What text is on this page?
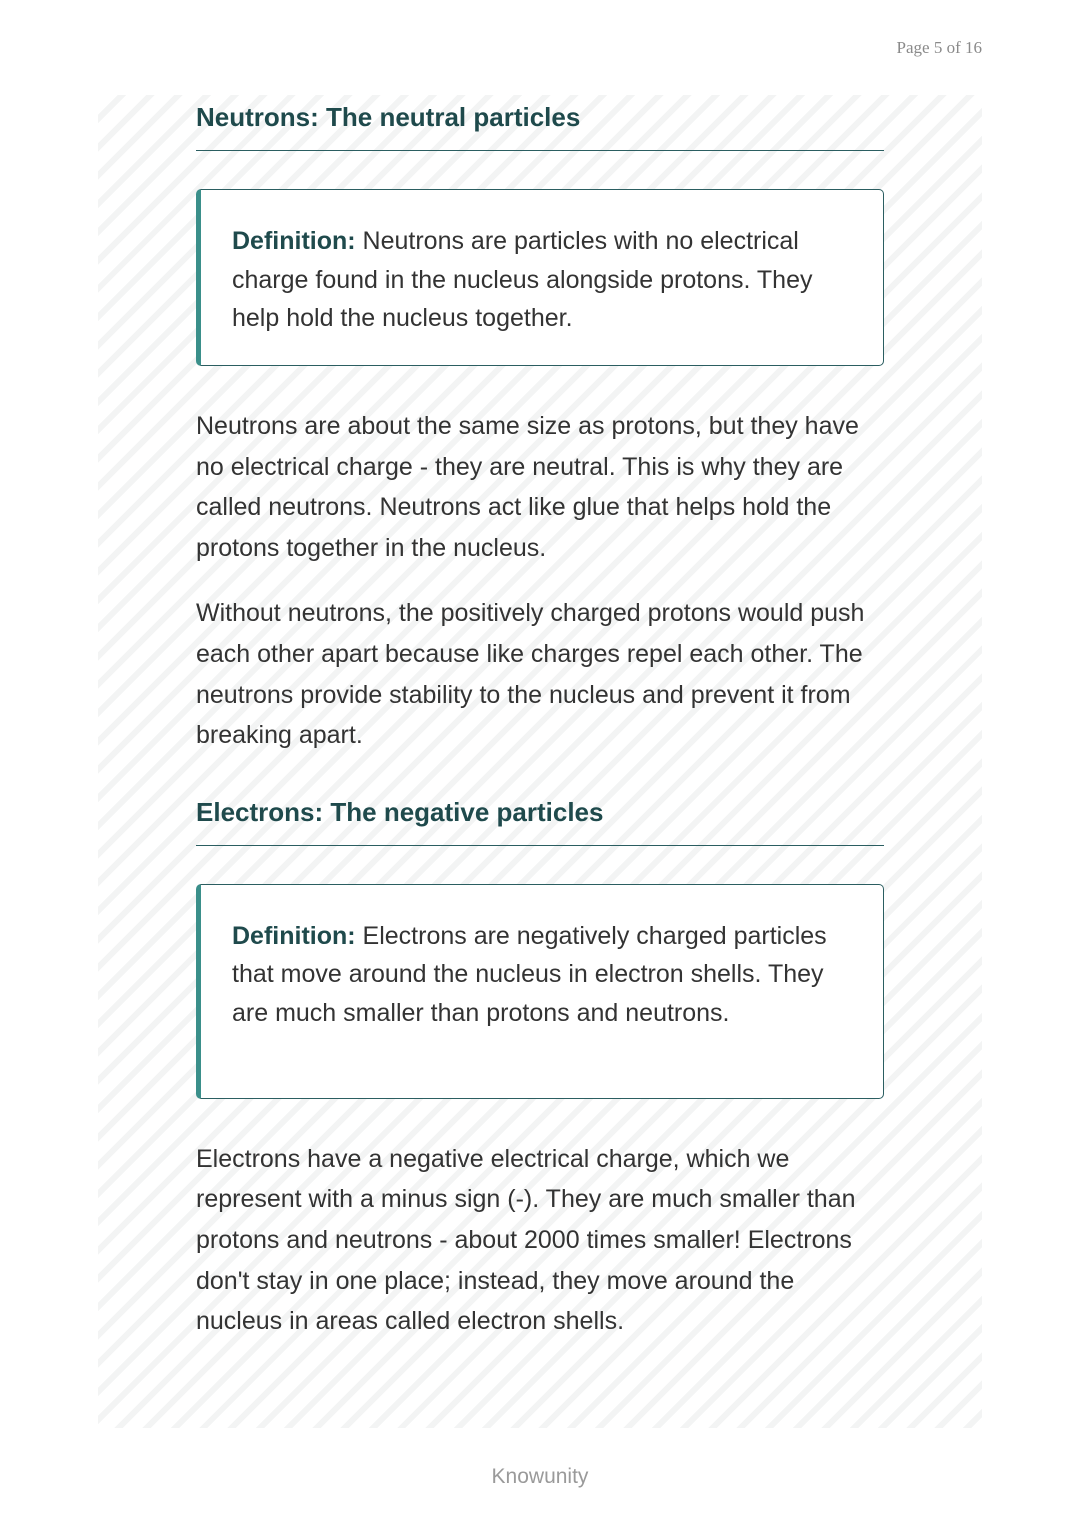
Page 5 of 16
Neutrons: The neutral particles
Definition: Neutrons are particles with no electrical charge found in the nucleus alongside protons. They help hold the nucleus together.

Neutrons are about the same size as protons, but they have no electrical charge - they are neutral. This is why they are called neutrons. Neutrons act like glue that helps hold the protons together in the nucleus.

Without neutrons, the positively charged protons would push each other apart because like charges repel each other. The neutrons provide stability to the nucleus and prevent it from breaking apart.

Electrons: The negative particles
Definition: Electrons are negatively charged particles that move around the nucleus in electron shells. They are much smaller than protons and neutrons.

Electrons have a negative electrical charge, which we represent with a minus sign (-). They are much smaller than protons and neutrons - about 2000 times smaller! Electrons don't stay in one place; instead, they move around the nucleus in areas called electron shells.

Knowunity
